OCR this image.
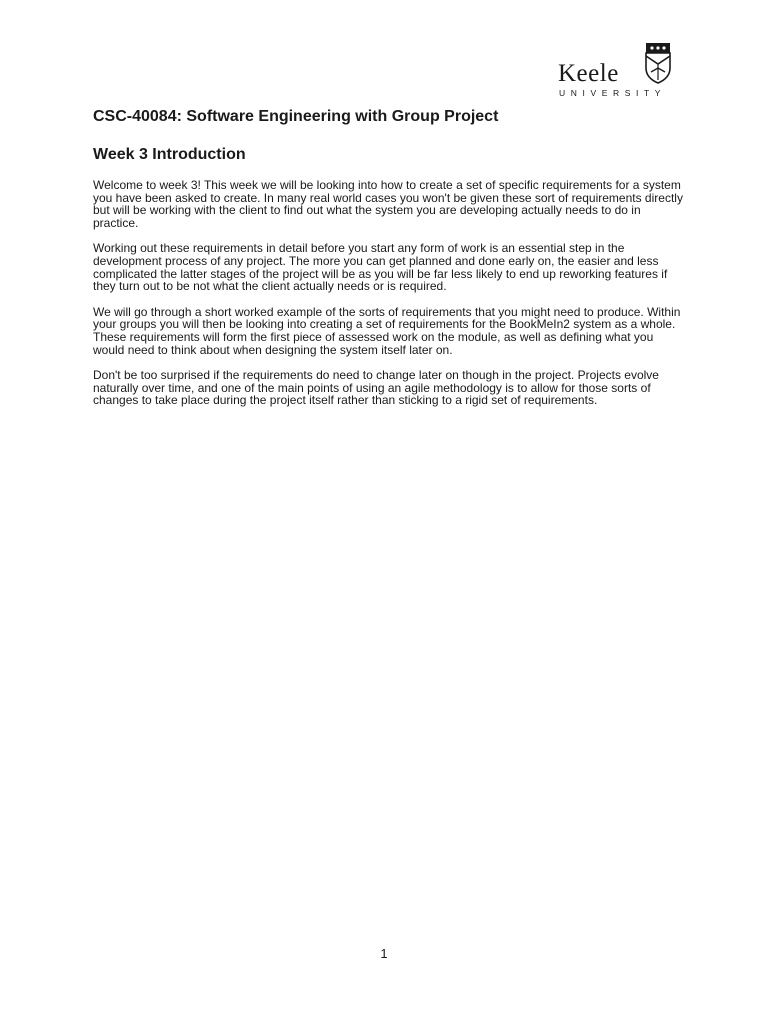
Keele
UNIVERSITY
CSC-40084: Software Engineering with Group Project
Week 3 Introduction

Welcome to week 3! This week we will be looking into how to create a set of specific requirements for a system you have been asked to create. In many real world cases you won't be given these sort of requirements directly but will be working with the client to find out what the system you are developing actually needs to do in practice.

Working out these requirements in detail before you start any form of work is an essential step in the development process of any project. The more you can get planned and done early on, the easier and less complicated the latter stages of the project will be as you will be far less likely to end up reworking features if they turn out to be not what the client actually needs or is required.

We will go through a short worked example of the sorts of requirements that you might need to produce. Within your groups you will then be looking into creating a set of requirements for the BookMeIn2 system as a whole. These requirements will form the first piece of assessed work on the module, as well as defining what you would need to think about when designing the system itself later on.

Don't be too surprised if the requirements do need to change later on though in the project. Projects evolve naturally over time, and one of the main points of using an agile methodology is to allow for those sorts of changes to take place during the project itself rather than sticking to a rigid set of requirements.

1
